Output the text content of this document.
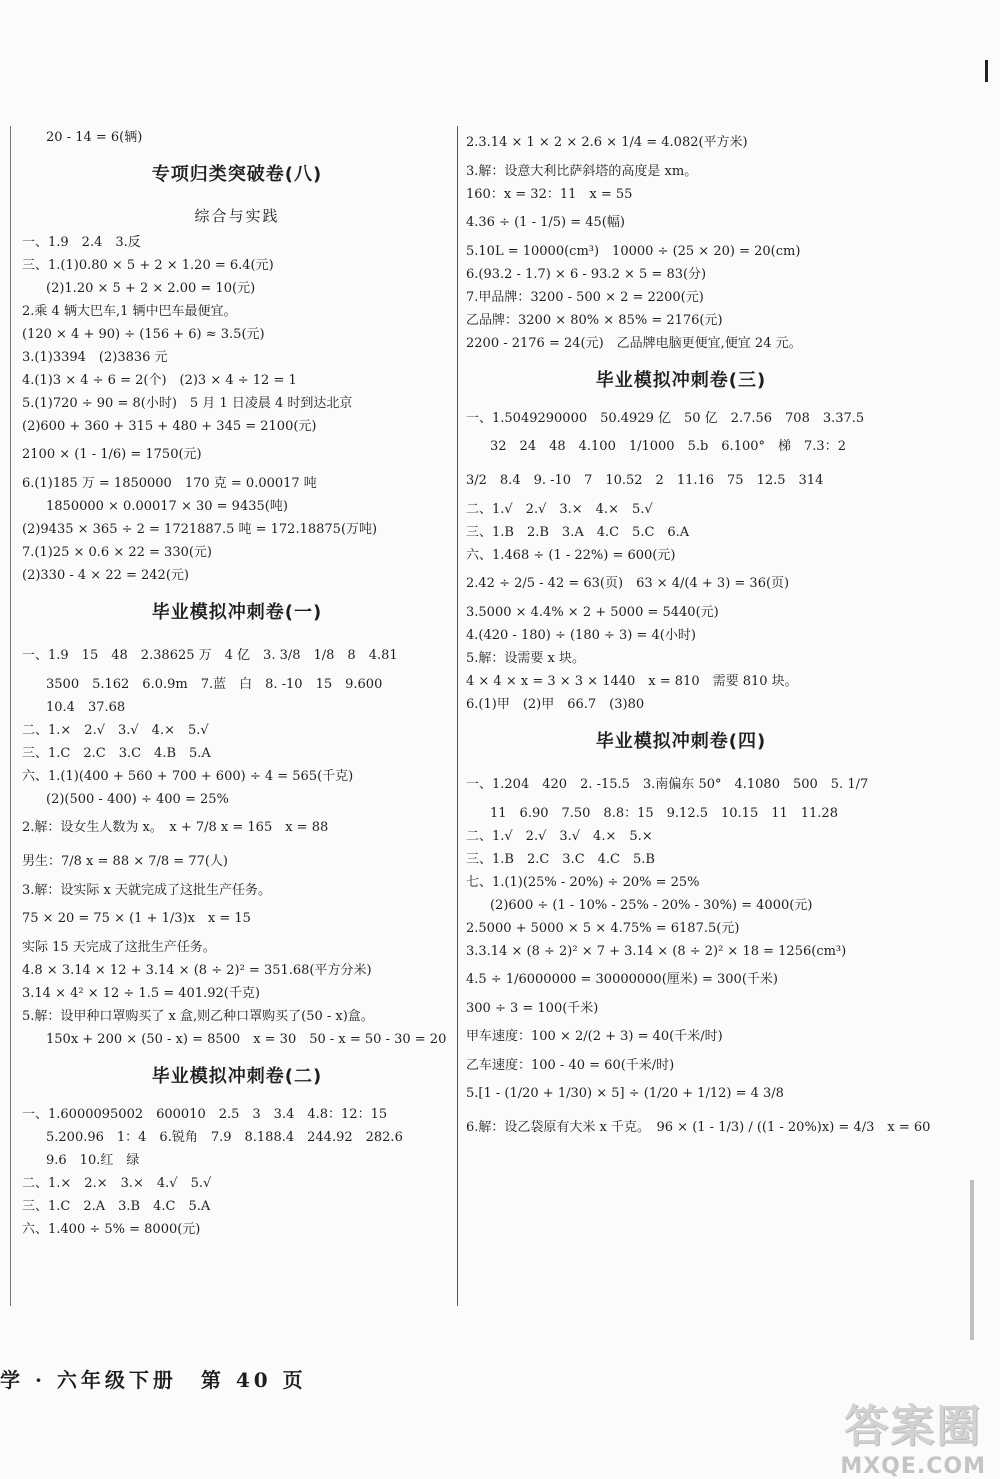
20 - 14 = 6(辆)
专项归类突破卷(八)
综合与实践
一、1.9　2.4　3.反
三、1.(1)0.80 × 5 + 2 × 1.20 = 6.4(元)
(2)1.20 × 5 + 2 × 2.00 = 10(元)
2.乘 4 辆大巴车,1 辆中巴车最便宜。
(120 × 4 + 90) ÷ (156 + 6) ≈ 3.5(元)
3.(1)3394　(2)3836 元
4.(1)3 × 4 ÷ 6 = 2(个)　(2)3 × 4 ÷ 12 = 1
5.(1)720 ÷ 90 = 8(小时)　5 月 1 日凌晨 4 时到达北京
(2)600 + 360 + 315 + 480 + 345 = 2100(元)
2100 × (1 - 1/6) = 1750(元)
6.(1)185 万 = 1850000　170 克 = 0.00017 吨
1850000 × 0.00017 × 30 = 9435(吨)
(2)9435 × 365 ÷ 2 = 1721887.5 吨 = 172.18875(万吨)
7.(1)25 × 0.6 × 22 = 330(元)
(2)330 - 4 × 22 = 242(元)
毕业模拟冲刺卷(一)
一、1.9　15　48　2.38625 万　4 亿　3. 3/8　1/8　8　4.81
3500　5.162　6.0.9m　7.蓝　白　8. -10　15　9.600
10.4　37.68
二、1.×　2.√　3.√　4.×　5.√
三、1.C　2.C　3.C　4.B　5.A
六、1.(1)(400 + 560 + 700 + 600) ÷ 4 = 565(千克)
(2)(500 - 400) ÷ 400 = 25%
2.解：设女生人数为 x。　x + 7/8 x = 165　x = 88
男生：7/8 x = 88 × 7/8 = 77(人)
3.解：设实际 x 天就完成了这批生产任务。
75 × 20 = 75 × (1 + 1/3)x　x = 15
实际 15 天完成了这批生产任务。
4.8 × 3.14 × 12 + 3.14 × (8 ÷ 2)² = 351.68(平方分米)
3.14 × 4² × 12 ÷ 1.5 = 401.92(千克)
5.解：设甲种口罩购买了 x 盒,则乙种口罩购买了(50 - x)盒。
150x + 200 × (50 - x) = 8500　x = 30　50 - x = 50 - 30 = 20
毕业模拟冲刺卷(二)
一、1.6000095002　600010　2.5　3　3.4　4.8：12：15
5.200.96　1：4　6.锐角　7.9　8.188.4　244.92　282.6
9.6　10.红　绿
二、1.×　2.×　3.×　4.√　5.√
三、1.C　2.A　3.B　4.C　5.A
六、1.400 ÷ 5% = 8000(元)
2.3.14 × 1 × 2 × 2.6 × 1/4 = 4.082(平方米)
3.解：设意大利比萨斜塔的高度是 xm。
160：x = 32：11　x = 55
4.36 ÷ (1 - 1/5) = 45(幅)
5.10L = 10000(cm³)　10000 ÷ (25 × 20) = 20(cm)
6.(93.2 - 1.7) × 6 - 93.2 × 5 = 83(分)
7.甲品牌：3200 - 500 × 2 = 2200(元)
乙品牌：3200 × 80% × 85% = 2176(元)
2200 - 2176 = 24(元)　乙品牌电脑更便宜,便宜 24 元。
毕业模拟冲刺卷(三)
一、1.5049290000　50.4929 亿　50 亿　2.7.56　708　3.37.5
32　24　48　4.100　1/1000　5.b　6.100°　梯　7.3：2
3/2　8.4　9. -10　7　10.52　2　11.16　75　12.5　314
二、1.√　2.√　3.×　4.×　5.√
三、1.B　2.B　3.A　4.C　5.C　6.A
六、1.468 ÷ (1 - 22%) = 600(元)
2.42 ÷ 2/5 - 42 = 63(页)　63 × 4/(4 + 3) = 36(页)
3.5000 × 4.4% × 2 + 5000 = 5440(元)
4.(420 - 180) ÷ (180 ÷ 3) = 4(小时)
5.解：设需要 x 块。
4 × 4 × x = 3 × 3 × 1440　x = 810　需要 810 块。
6.(1)甲　(2)甲　66.7　(3)80
毕业模拟冲刺卷(四)
一、1.204　420　2. -15.5　3.南偏东 50°　4.1080　500　5. 1/7
11　6.90　7.50　8.8：15　9.12.5　10.15　11　11.28
二、1.√　2.√　3.√　4.×　5.×
三、1.B　2.C　3.C　4.C　5.B
七、1.(1)(25% - 20%) ÷ 20% = 25%
(2)600 ÷ (1 - 10% - 25% - 20% - 30%) = 4000(元)
2.5000 + 5000 × 5 × 4.75% = 6187.5(元)
3.3.14 × (8 ÷ 2)² × 7 + 3.14 × (8 ÷ 2)² × 18 = 1256(cm³)
4.5 ÷ 1/6000000 = 30000000(厘米) = 300(千米)
300 ÷ 3 = 100(千米)
甲车速度：100 × 2/(2 + 3) = 40(千米/时)
乙车速度：100 - 40 = 60(千米/时)
5.[1 - (1/20 + 1/30) × 5] ÷ (1/20 + 1/12) = 4 3/8
6.解：设乙袋原有大米 x 千克。　96 × (1 - 1/3) / ((1 - 20%)x) = 4/3　x = 60
学 · 六年级下册　第 40 页
答案圈
MXQE.COM
